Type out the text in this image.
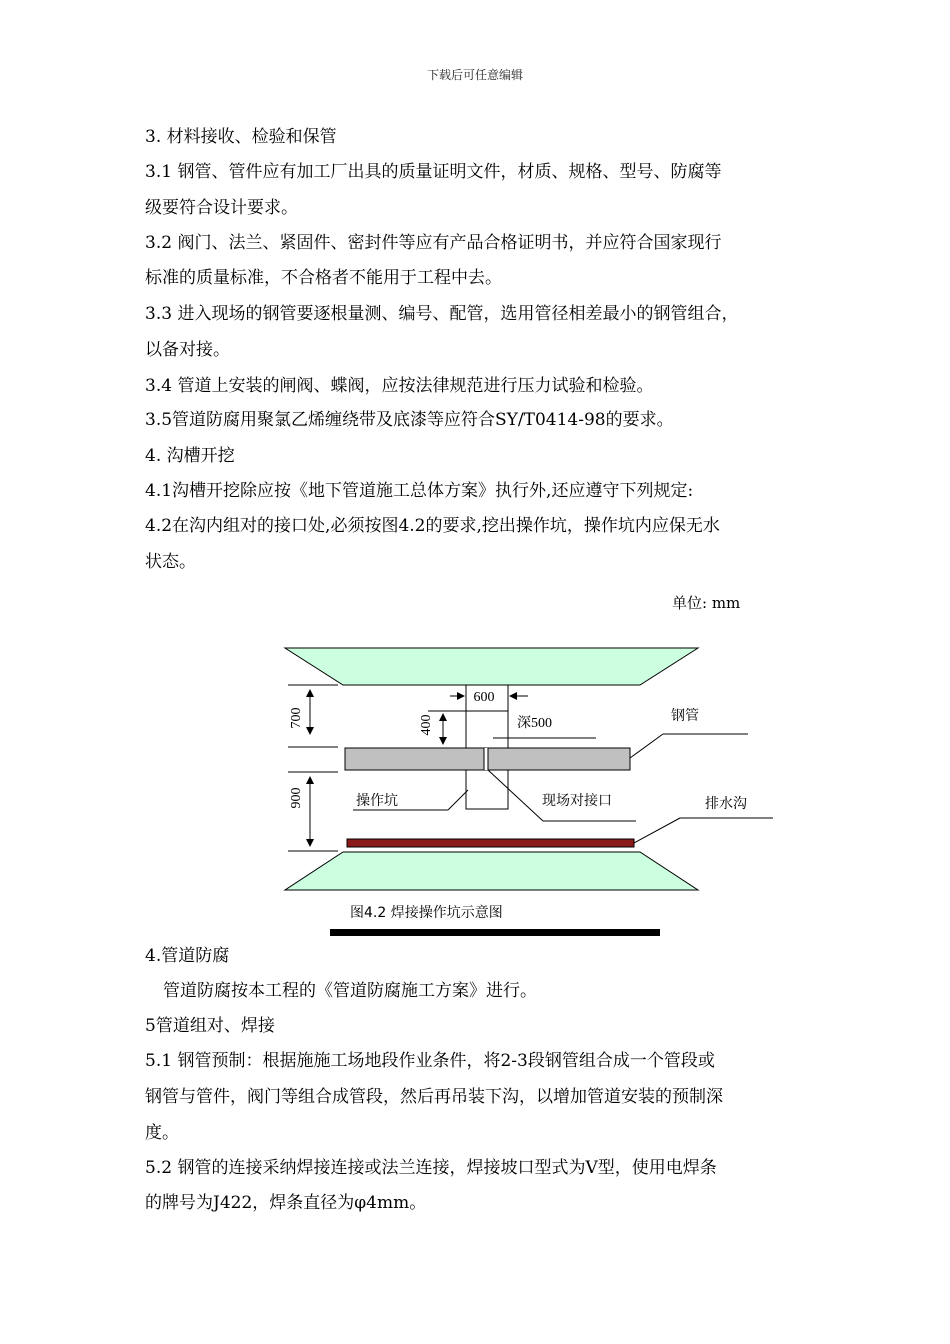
下载后可任意编辑
3. 材料接收、检验和保管
3.1 钢管、管件应有加工厂出具的质量证明文件，材质、规格、型号、防腐等
级要符合设计要求。
3.2 阀门、法兰、紧固件、密封件等应有产品合格证明书，并应符合国家现行
标准的质量标准，不合格者不能用于工程中去。
3.3 进入现场的钢管要逐根量测、编号、配管，选用管径相差最小的钢管组合，
以备对接。
3.4 管道上安装的闸阀、蝶阀，应按法律规范进行压力试验和检验。
3.5管道防腐用聚氯乙烯缠绕带及底漆等应符合SY/T0414-98的要求。
4. 沟槽开挖
4.1沟槽开挖除应按《地下管道施工总体方案》执行外,还应遵守下列规定:
4.2在沟内组对的接口处,必须按图4.2的要求,挖出操作坑，操作坑内应保无水
状态。
单位: mm
700
900
400
600
深500	钢管
操作坑	现场对接口	排水沟
图4.2 焊接操作坑示意图
4.管道防腐
管道防腐按本工程的《管道防腐施工方案》进行。
5管道组对、焊接
5.1 钢管预制：根据施施工场地段作业条件，将2-3段钢管组合成一个管段或
钢管与管件，阀门等组合成管段，然后再吊装下沟，以增加管道安装的预制深
度。
5.2 钢管的连接采纳焊接连接或法兰连接，焊接坡口型式为V型，使用电焊条
的牌号为J422，焊条直径为φ4mm。
